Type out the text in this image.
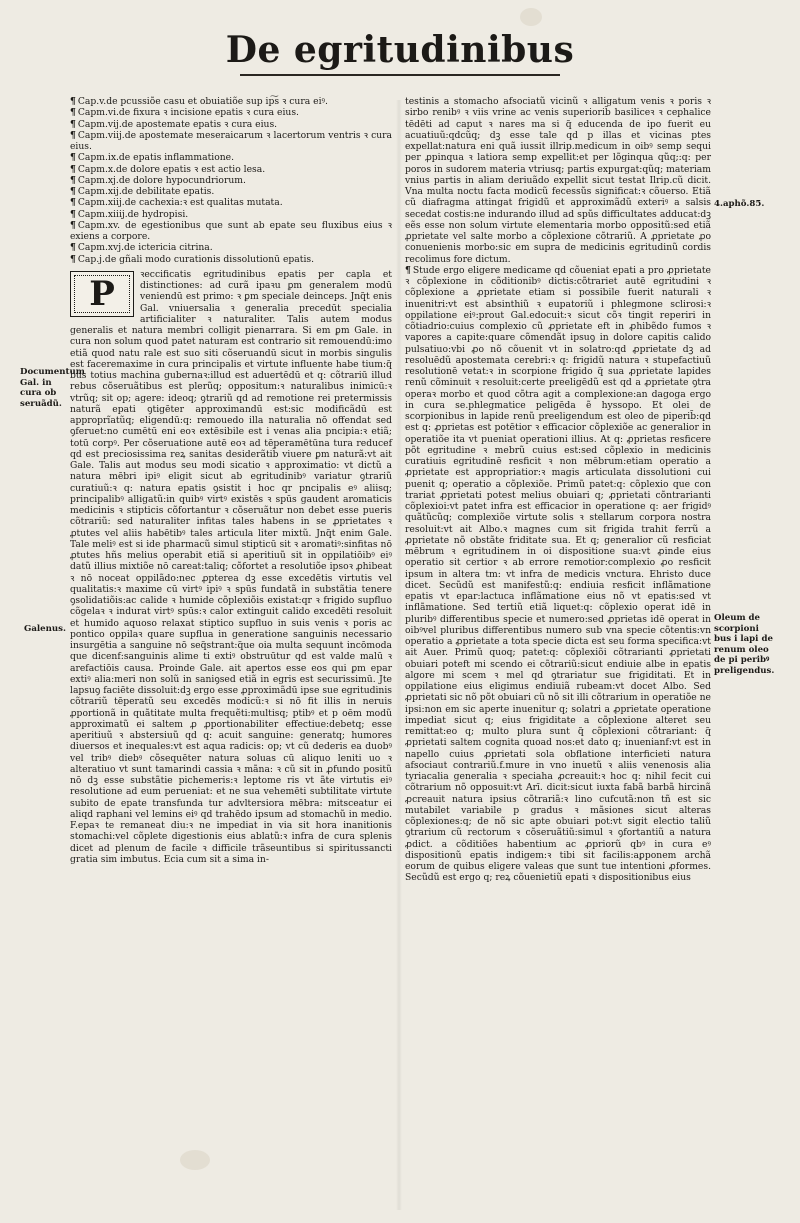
De egritudinibus

¶ Cap.v.de pcussiõe casu et obuiatiõe sup ip͠s ꝛ cura eiꝰ.

¶ Capm.vi.de fixura ꝛ incisione epatis ꝛ cura eius.

¶ Capm.vij.de apostemate epatis ꝛ cura eius.

¶ Capm.viij.de apostemate meseraicarum ꝛ lacertorum ventris ꝛ cura eius.

¶ Capm.ix.de epatis inflammatione.

¶ Capm.x.de dolore epatis ꝛ est actio lesa.

¶ Capm.xj.de dolore hypocundriorum.

¶ Capm.xij.de debilitate epatis.

¶ Capm.xiij.de cachexia:ꝛ est qualitas mutata.

¶ Capm.xiiij.de hydropisi.

¶ Capm.xv. de egestionibus que sunt ab epate seu fluxibus eius ꝛ exiens a corpore.

¶ Capm.xvj.de ictericia citrina.

¶ Cap.j.de gñali modo curationis dissolutionū epatis.

P	ꝛeccificatis egritudinibus epatis per capla et distinctiones: ad curã ipaꝛu ꝑm generalem modū veniendū est primo: ꝛ ꝑm speciale deinceps. Jnq̃t enis Gal. vniuersalia ꝛ generalia precedūt specialia artificialiter ꝛ naturaliter. Talis autem modus generalis et natura membri colligit pienarrara. Si em ꝑm Gale. in cura non solum quod patet naturam est contrario sit remouendū:imo etiã quod natu rale est suo siti cõseruandū sicut in morbis singulis est faceremaxime in cura principalis et virtute influente habe tium:q̃ bus totius machina gubernaꝛ:illud est aduertēdū et q: cõtrariū illud rebus cõseruãtibus est plerũq; oppositum:ꝛ naturalibus inimicū:ꝛ vtrũq; sit op; agere: ideoq; ꝯtrariũ qd ad remotione rei pretermissis naturã epati ꝯtigēter approximandū est:sic modificãdū est approprĩatũq; eligendū:q: remouedo illa naturalia nō offendat sed ꝯferuet:no cumētū eni eoꝛ extēsibile est i venas alia pncipia:ꝛ etiã; totū corpꝰ. Per cõseruatione autē eoꝛ ad tēperamētūna tura reducef qd est preciosissima reꝝ sanitas desiderãtib̃ viuere ꝑm naturã:vt ait Gale. Talis aut modus seu modi sicatio ꝛ approximatio: vt dictũ a natura mēbri ipiꝰ eligit sicut ab egritudinibꝰ variatur ꝯtrariũ curatiuũ:ꝛ q: natura epatis ꝯsistit i hoc qr pncipalis eꝰ aliisq; principalibꝰ alligatũ:in quibꝰ virtꝰ existēs ꝛ spūs gaudent aromaticis medicinis ꝛ stipticis cõfortantur ꝛ cõseruãtur non debet esse pueris cõtrariũ: sed naturaliter infitas tales habens in se ꝓprietates ꝛ ꝓtutes vel aliis habētibꝰ tales articula liter mixtũ. Jnq̃t enim Gale. Tale meliꝰ est si ide pharmacũ simul stipticū sit ꝛ aromatiꝰ:sinfitas nō ꝓtutes hñs melius operabit etiã si aperitiuũ sit in oppilatiōibꝰ eiꝰ datũ illius mixtiõe nō careat:taliq; cõfortet a resolutiõe ipsoꝛ ꝓhibeat ꝛ nō noceat oppilãdo:nec ꝓpterea dꝫ esse excedētis virtutis vel qualitatis:ꝛ maxime cū virtꝰ ipiꝰ ꝛ spūs fundatã in substãtia tenere ꝯsolidatiõis:ac calide ꝛ humide cõplexiõis existat:qr ꝛ frigido supfluo cõgelaꝛ ꝛ indurat virtꝰ spūs:ꝛ calor extinguit calido excedēti resoluit et humido aquoso relaxat stiptico supfluo in suis venis ꝛ poris ac pontico oppilaꝛ quare supflua in generatione sanguinis necessario insurgētia a sanguine nō seq̃strant:q̃ue oia multa sequunt incōmoda que dicenf:sanguinis alime ti extiꝰ obstruūtur qd est valde malū ꝛ arefactiōis causa. Proinde Gale. ait apertos esse eos qui ꝑm epar extiꝰ alia:meri non solũ in saniꝯsed etiã in egris est securissimū. Jte lapsuꝯ faciēte dissoluit:dꝫ ergo esse ꝓproximãdū ipse sue egritudinis cõtrariũ tēperatũ seu excedēs modicũ:ꝛ si nō fit illis in neruis ꝓportionã in quãtitate multa frequẽti:multisq; ptibꝰ et p oēm modũ approximatũ ei saltem ꝓ ꝓportionabiliter effectiue:debetq; esse aperitiuũ ꝛ abstersiuũ qd q: acuit sanguine: generatq; humores diuersos et inequales:vt est aqua radicis: op; vt cũ dederis ea duobꝰ vel tribꝰ diebꝰ cõsequēter natura soluas cū aliquo leniti uo ꝛ alteratiuo vt sunt tamarindi cassia ꝛ mãna: ꝛ cũ sit in ꝓfundo positũ nō dꝫ esse substãtie pichemeris:ꝛ leptome ris vt ãte virtutis eiꝰ resolutione ad eum perueniat: et ne sua vehemēti subtilitate virtute subito de epate transfunda tur advltersiora mēbra: mitsceatur ei aliqd raphani vel lemins eiꝰ qd trahēdo ipsum ad stomachũ in medio. F.epaꝛ te remaneat diu:ꝛ ne impediat in via sit hora inanitionis stomachi:vel cõplete digestionis eius ablatũ:ꝛ infra de cura splenis dicet ad plenum de facile ꝛ difficile trãseuntibus si spiritussancti gratia sim imbutus. Ecia cum sit a sima in-

testinis a stomacho afsociatũ vicinũ ꝛ alligatum venis ꝛ poris ꝛ sirbo renibꝰ ꝛ viis vrine ac venis superiorib̃ basiliceꝛ ꝛ cephalice tēdēti ad caput ꝛ nares ma si q̃ educenda de ipo fuerit eu acuatiuũ:qdcũq; dꝫ esse tale qd p illas et vicinas ptes expellat:natura eni quã iussit illrip.medicum in oibꝰ semp sequi per ꝓpinqua ꝛ latiora semp expellit:et per lõginqua qũq;:q: per poros in sudorem materia vtriusq; partis expurgat:qũq; materiam vnius partis in aliam deriuãdo expellit sicut testat Ilrip.cũ dicit. Vna multa noctu facta modicũ fecessũs significat:ꝛ cõuerso. Etiã cũ diafragma attingat frigidũ et approximãdũ exteriꝰ a salsis secedat costis:ne indurando illud ad spũs difficultates adducat:dꝫ eẽs esse non solum virtute elementaria morbo oppositũ:sed etiã ꝓprietate vel salte morbo a cõplexione cõtrariũ. A ꝓprietate ꝓo conuenienis morbo:sic em supra de medicinis egritudinũ cordis recolimus fore dictum.

¶ Stude ergo eligere medicame qd cõueniat epati a pro ꝓprietate ꝛ cõplexione in cõditionibꝰ dictis:cõtrariet autē egritudini ꝛ cõplexione a ꝓprietate etiam si possibile fuerit naturali ꝛ inuenitri:vt est absinthiũ ꝛ eupatoriũ i phlegmone sclirosi:ꝛ oppilatione eiꝰ:prout Gal.edocuit:ꝛ sicut cõꝛ tingit reperiri in cõtiadrio:cuius complexio cũ ꝓprietate eft in ꝓhibẽdo fumos ꝛ vapores a capite:quare cõmendãt ipsuꝯ in dolore capitis calido pulsatiuo:vbi ꝓo nõ cõuenit vt in solatro:qd ꝓprietate dꝫ ad resoluēdũ apostemata cerebri:ꝛ q: frigidũ natura ꝛ stupefactiuũ resolutionē vetat:ꝛ in scorpione frigido q̃ sua ꝓprietate lapides renũ cõminuit ꝛ resoluit:certe preeligēdũ est qd a ꝓprietate ꝯtra operaꝛ morbo et quod cõtra agit a complexione:an dagoga ergo in cura se.phlegmatice peligēda ẽ hyssopo. Et olei de scorpionibus in lapide renũ preeligendum est oleo de piperib̃:qd est q: ꝓprietas est potētior ꝛ efficacior cõplexiõe ac generalior in operatiõe ita vt pueniat operationi illius. At q: ꝓprietas resficere põt egritudine ꝛ mebrũ cuius est:sed cõplexio in medicinis curatiuis egritudinē resficit ꝛ non mēbrum:etiam operatio a ꝓprietate est appropriatior:ꝛ magis articulata dissolutioni cui puenit q; operatio a cõplexiõe. Primũ patet:q: cõplexio que con trariat ꝓprietati potest melius obuiari q; ꝓprietati cõntrarianti cõplexioi:vt patet infra est efficacior in operatione q: aer frigidꝰ quãtũcũq; complexiõe virtute solis ꝛ stellarum corpora nostra resoluit:vt ait Albo.ꝛ magnes cum sit frigida trahit ferrũ a ꝓprietate nõ obstãte friditate sua. Et q; generalior cũ resficiat mēbrum ꝛ egritudinem in oi dispositione sua:vt ꝓinde eius operatio sit certior ꝛ ab errore remotior:complexio ꝓo resficit ipsum in altera tm: vt infra de medicis vnctura. Ehristo duce dicet. Secũdũ est manifestũ:q: endiuia resficit inflãmatione epatis vt epar:lactuca inflãmatione eius nõ vt epatis:sed vt inflãmatione. Sed tertiũ etiã liquet:q: cõplexio operat idē in pluribꝰ differentibus specie et numero:sed ꝓprietas idē operat in oibꝰvel pluribus differentibus numero sub vna specie cõtentis:vn operatio a ꝓprietate a tota specie dicta est seu forma specifica:vt ait Auer. Primũ quoq; patet:q: cõplexiõi cõtrarianti ꝓprietati obuiari poteft mi scendo ei cõtrariũ:sicut endiuie albe in epatis algore mi scem ꝛ mel qd ꝯtrariatur sue frigiditati. Et in oppilatione eius eligimus endiuiã rubeam:vt docet Albo. Sed ꝓprietati sic nõ põt obuiari cũ nõ sit illi cõtrarium in operatiõe ne ipsi:non em sic aperte inuenitur q; solatri a ꝓprietate operatione impediat sicut q; eius frigiditate a cõplexione alteret seu remittat:eo q; multo plura sunt q̃ cõplexioni cõtrariant: q̃ ꝓprietati saltem cognita quoad nos:et dato q; inuenianf:vt est in napello cuius ꝓprietati sola obflatione interficieti natura afsociaut contrariũ.f.mure in vno inuetũ ꝛ aliis venenosis alia tyriacalia generalia ꝛ speciaha ꝓcreauit:ꝛ hoc q: nihil fecit cui cõtrarium nõ opposuit:vt Arī. dicit:sicut iuxta fabã barbã hircinã ꝓcreauit natura ipsius cõtrariã:ꝛ lino cufcutã:non tñ est sic mutabilet variabile p gradus ꝛ mãsiones sicut alteras cõplexiones:q; de nõ sic apte obuiari pot:vt sigit electio taliũ ꝯtrarium cũ rectorum ꝛ cõseruãtiũ:simul ꝛ ꝯfortantiũ a natura ꝓdict. a cõditiões habentium ac ꝓpriorũ qbꝰ in cura eꝰ dispositionũ epatis indigem:ꝛ tibi sit facilis:aꝑponem archã eorum de quibus eligere valeas que sunt tue intentioni ꝓformes. Secũdũ est ergo q; reꝝ cõuenietiũ epati ꝛ dispositionibus eius

Documentum Gal. in cura ob seruãdũ.
Galenus.
4.aphõ.85.
Oleum de scorpioni bus i lapi de renum oleo de pi peribꝰ preligendus.
